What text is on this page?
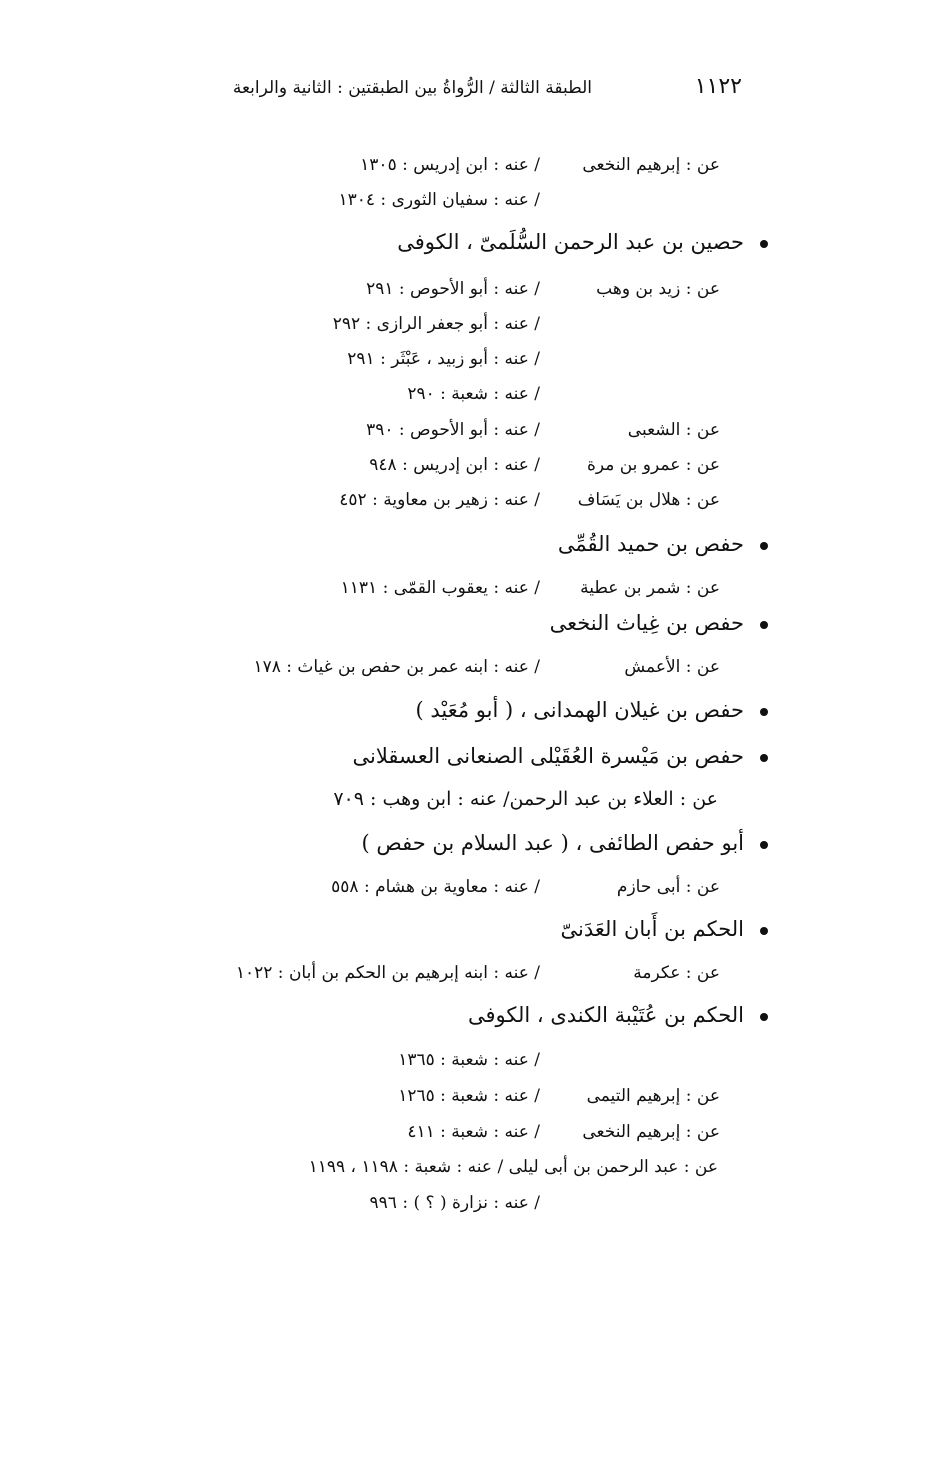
١١٢٢
الطبقة الثالثة / الرُّواةُ بين الطبقتين : الثانية والرابعة
عن : إبرهيم النخعى
/ عنه : ابن إدريس : ١٣٠٥
/ عنه : سفيان الثورى : ١٣٠٤
حصين بن عبد الرحمن السُّلَمىّ ، الكوفى
عن : زيد بن وهب
/ عنه : أبو الأحوص : ٢٩١
/ عنه : أبو جعفر الرازى : ٢٩٢
/ عنه : أبو زبيد ، عَبْثَر : ٢٩١
/ عنه : شعبة : ٢٩٠
عن : الشعبى
/ عنه : أبو الأحوص : ٣٩٠
عن : عمرو بن مرة
/ عنه : ابن إدريس : ٩٤٨
عن : هلال بن يَسَاف
/ عنه : زهير بن معاوية : ٤٥٢
حفص بن حميد القُمِّى
عن : شمر بن عطية
/ عنه : يعقوب القمّى : ١١٣١
حفص بن غِياث النخعى
عن : الأعمش
/ عنه : ابنه عمر بن حفص بن غياث : ١٧٨
حفص بن غيلان الهمدانى ، ( أبو مُعَيْد )
حفص بن مَيْسرة العُقَيْلى الصنعانى العسقلانى
عن : العلاء بن عبد الرحمن/ عنه : ابن وهب : ٧٠٩
أبو حفص الطائفى ، ( عبد السلام بن حفص )
عن : أبى حازم
/ عنه : معاوية بن هشام : ٥٥٨
الحكم بن أَبان العَدَنىّ
عن : عكرمة
/ عنه : ابنه إبرهيم بن الحكم بن أبان : ١٠٢٢
الحكم بن عُتَيْبة الكندى ، الكوفى
/ عنه : شعبة : ١٣٦٥
عن : إبرهيم التيمى
/ عنه : شعبة : ١٢٦٥
عن : إبرهيم النخعى
/ عنه : شعبة : ٤١١
عن : عبد الرحمن بن أبى ليلى / عنه : شعبة : ١١٩٨ ، ١١٩٩
/ عنه : نزارة ( ؟ ) : ٩٩٦
